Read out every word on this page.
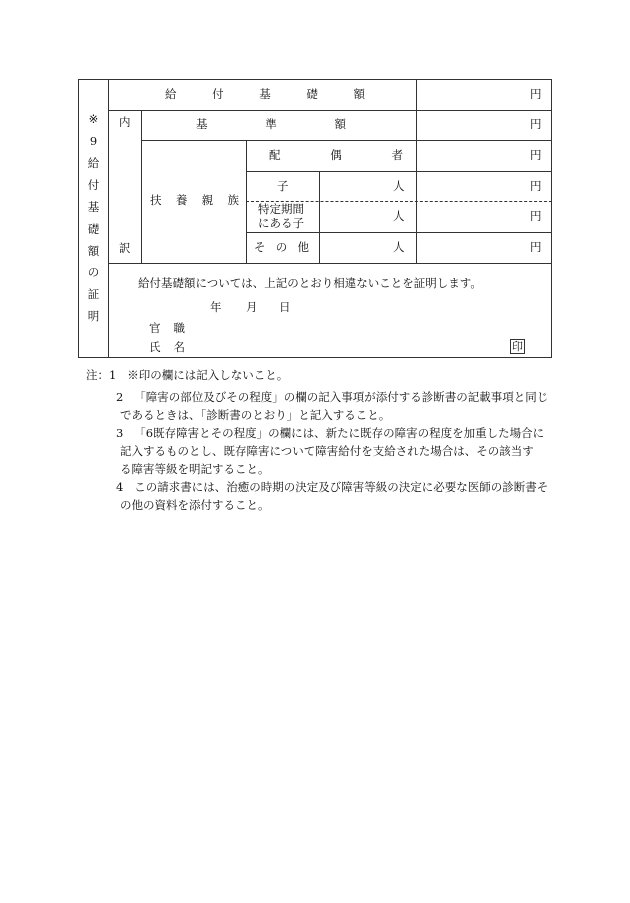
※
9
給
付
基
礎
額
の
証
明
給	付	基	礎	額	円
内
訳
基	準	額	円
扶 養 親 族
配	偶	者	円
子	人	円
特定期間
にある子	人	円
そ の 他	人	円
給付基礎額については、上記のとおり相違ないことを証明します。
年 月 日
官 職
氏 名	印
注：1 ※印の欄には記入しないこと。
2 「障害の部位及びその程度」の欄の記入事項が添付する診断書の記載事項と同じ
であるときは、「診断書のとおり」と記入すること。
3 「6既存障害とその程度」の欄には、新たに既存の障害の程度を加重した場合に
記入するものとし、既存障害について障害給付を支給された場合は、その該当す
る障害等級を明記すること。
4 この請求書には、治癒の時期の決定及び障害等級の決定に必要な医師の診断書そ
の他の資料を添付すること。
